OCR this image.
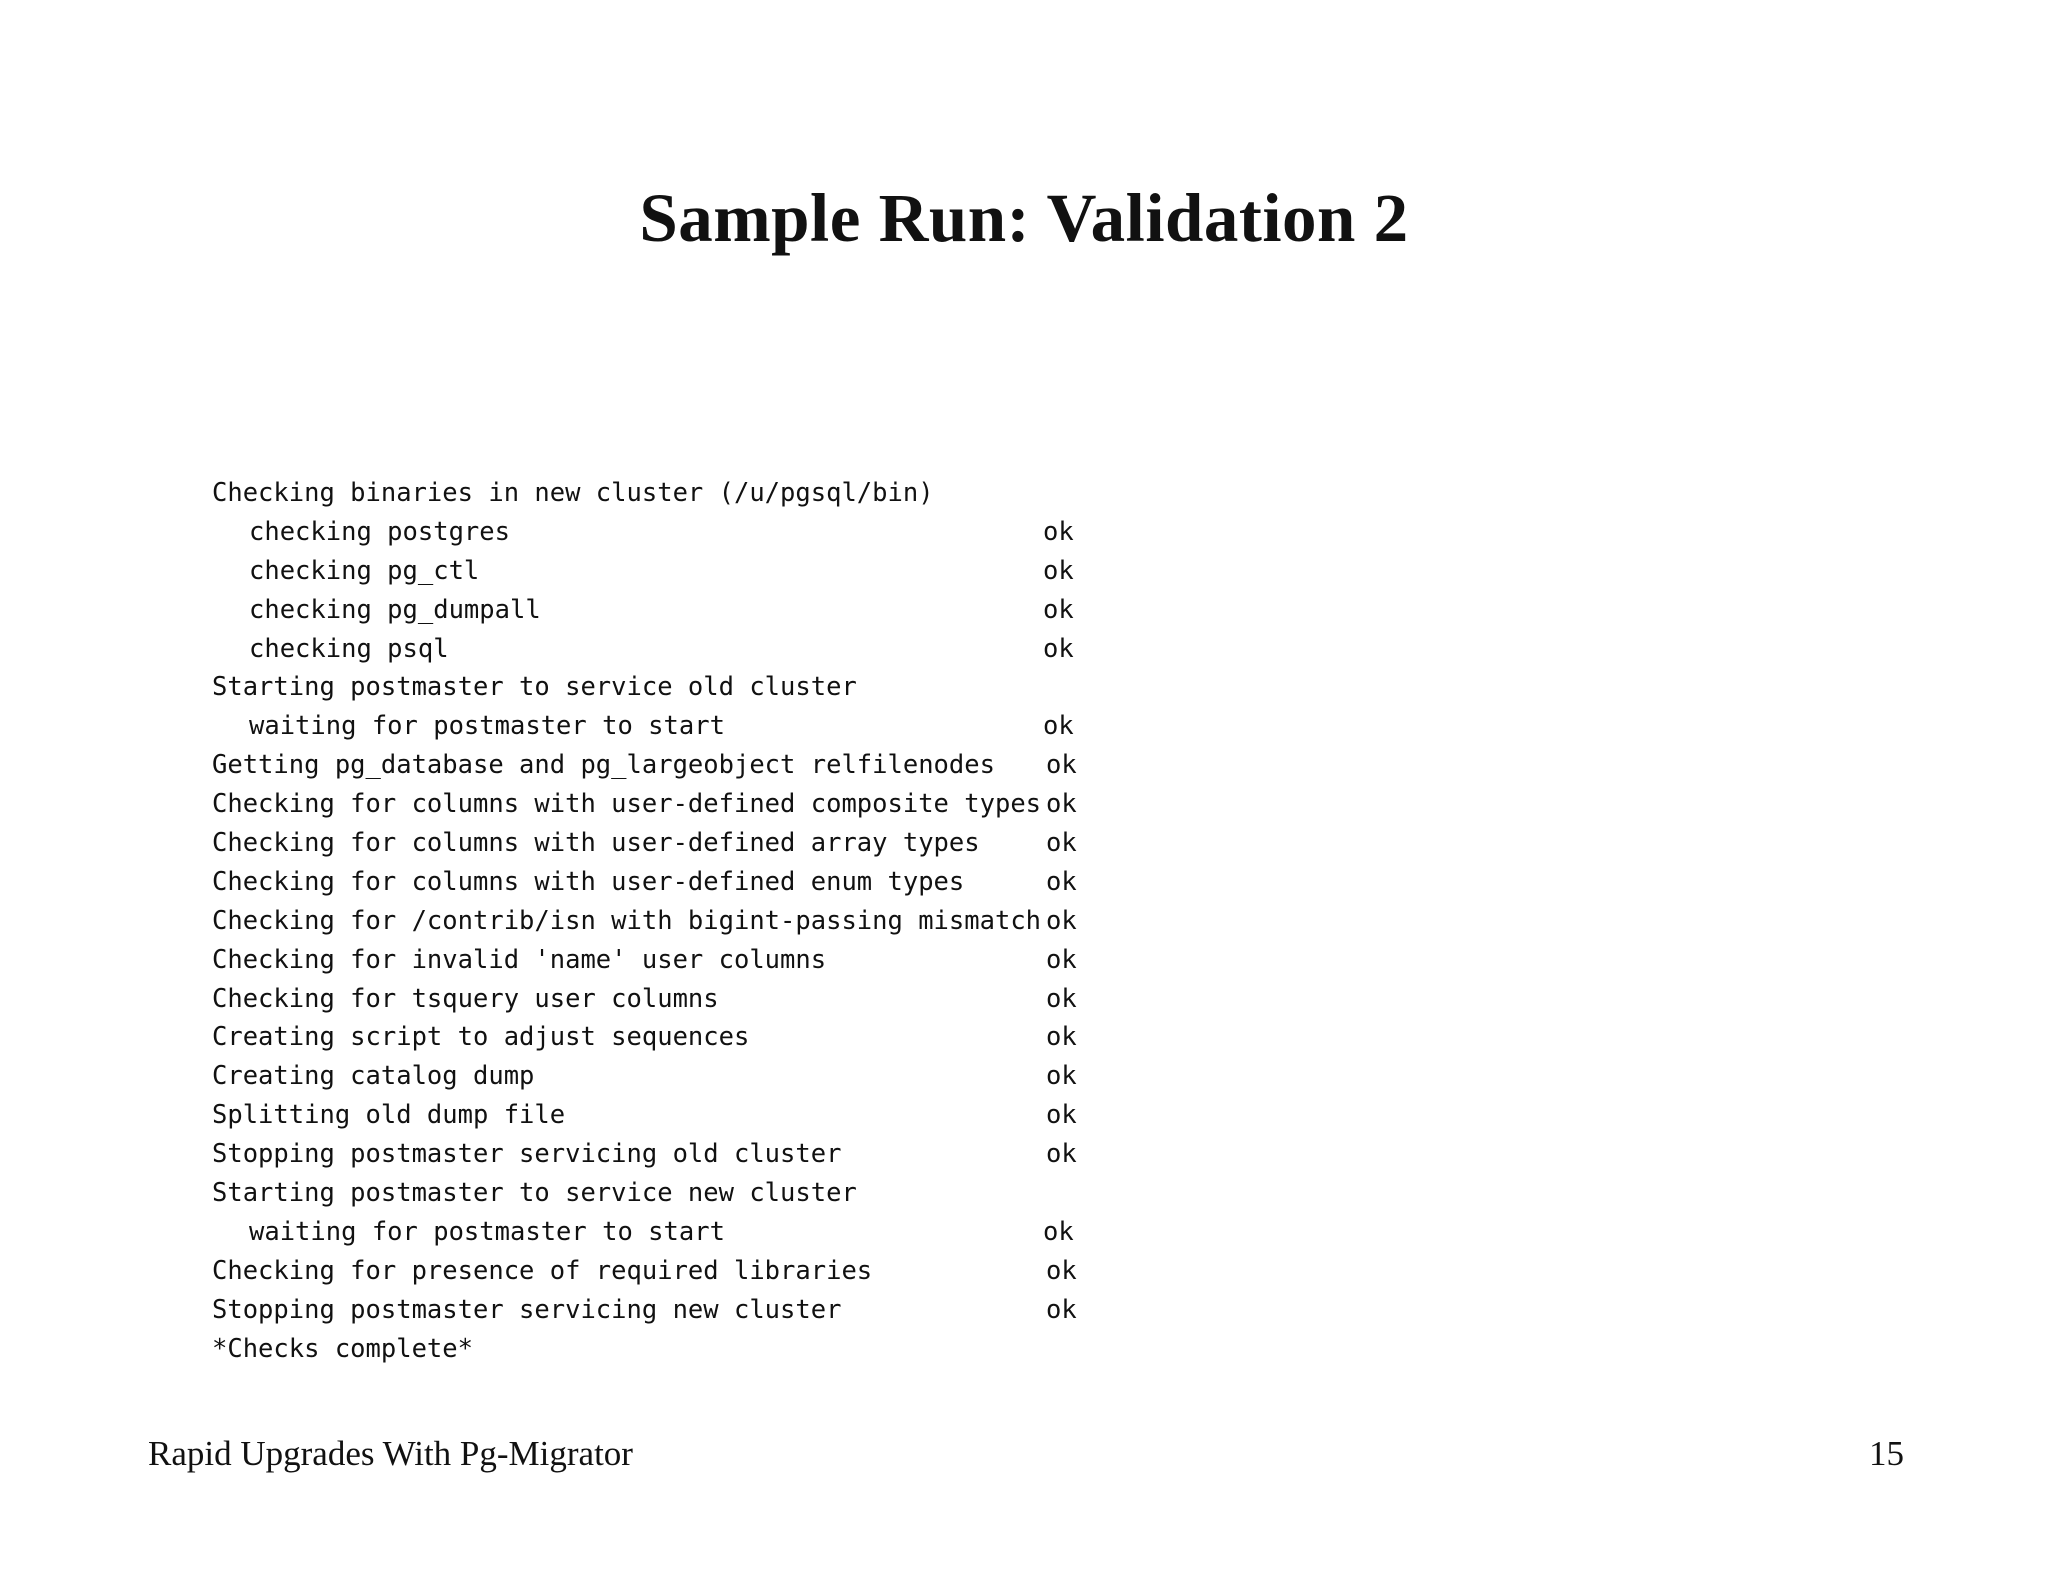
Sample Run: Validation 2
Checking binaries in new cluster (/u/pgsql/bin)
checking postgres	ok
checking pg_ctl	ok
checking pg_dumpall	ok
checking psql	ok
Starting postmaster to service old cluster
waiting for postmaster to start	ok
Getting pg_database and pg_largeobject relfilenodes ok
Checking for columns with user-defined composite types ok
Checking for columns with user-defined array types	ok
Checking for columns with user-defined enum types	ok
Checking for /contrib/isn with bigint-passing mismatch ok
Checking for invalid 'name' user columns	ok
Checking for tsquery user columns	ok
Creating script to adjust sequences	ok
Creating catalog dump	ok
Splitting old dump file	ok
Stopping postmaster servicing old cluster	ok
Starting postmaster to service new cluster
waiting for postmaster to start	ok
Checking for presence of required libraries	ok
Stopping postmaster servicing new cluster	ok
*Checks complete*
Rapid Upgrades With Pg-Migrator	15
